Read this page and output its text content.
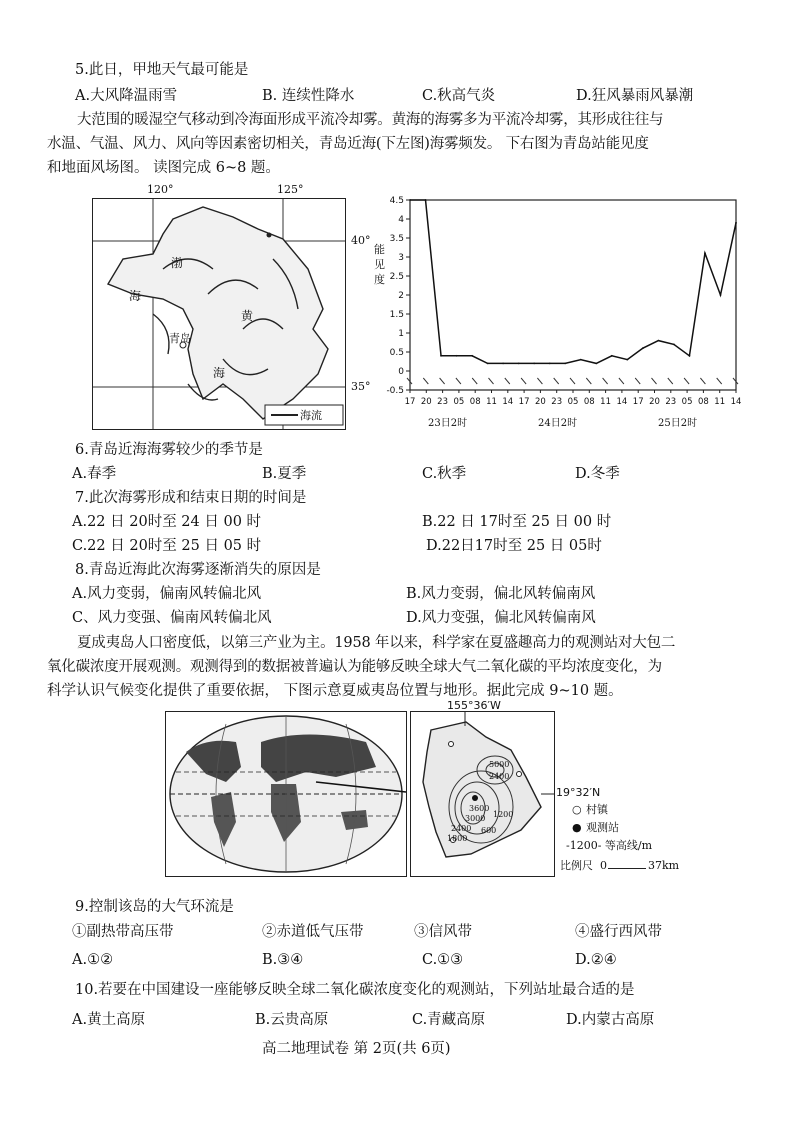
5.此日，甲地天气最可能是
A.大风降温雨雪	B. 连续性降水	C.秋高气炎	D.狂风暴雨风暴潮
大范围的暖湿空气移动到冷海面形成平流冷却雾。黄海的海雾多为平流冷却雾，其形成往往与
水温、气温、风力、风向等因素密切相关，青岛近海(下左图)海雾频发。 下右图为青岛站能见度
和地面风场图。 读图完成 6~8 题。
120°	125°
40°
35°
渤
海
黄
青岛
海
海流
4.5
4
3.5
3
2.5
2
1.5
1
0.5
0
-0.5
17 20 23 05 08 11 14 17 20 23 05 08 11 14 17 20 23 05 08 11 14
能见度
23日2时	24日2时	25日2时
6.青岛近海海雾较少的季节是
A.春季	B.夏季	C.秋季	D.冬季
7.此次海雾形成和结束日期的时间是
A.22 日 20时至 24 日 00 时	B.22 日 17时至 25 日 00 时
C.22 日 20时至 25 日 05 时	D.22日17时至 25 日 05时
8.青岛近海此次海雾逐渐消失的原因是
A.风力变弱，偏南风转偏北风	B.风力变弱，偏北风转偏南风
C、风力变强、偏南风转偏北风	D.风力变强，偏北风转偏南风
夏成夷岛人口密度低，以第三产业为主。1958 年以来，科学家在夏盛趣高力的观测站对大包二
氧化碳浓度开展观测。观测得到的数据被普遍认为能够反映全球大气二氧化碳的平均浓度变化，为
科学认识气候变化提供了重要依据， 下图示意夏威夷岛位置与地形。据此完成 9~10 题。
5000
2400
3600
3000
2400
1800
1200
600
155°36′W
19°32′N
○ 村镇
● 观测站
-1200- 等高线/m
比例尺 0	37km
9.控制该岛的大气环流是
①副热带高压带	②赤道低气压带	③信风带	④盛行西风带
A.①②	B.③④	C.①③	D.②④
10.若要在中国建设一座能够反映全球二氧化碳浓度变化的观测站，下列站址最合适的是
A.黄土高原	B.云贵高原	C.青藏高原	D.内蒙古高原
高二地理试卷 第 2页(共 6页)
